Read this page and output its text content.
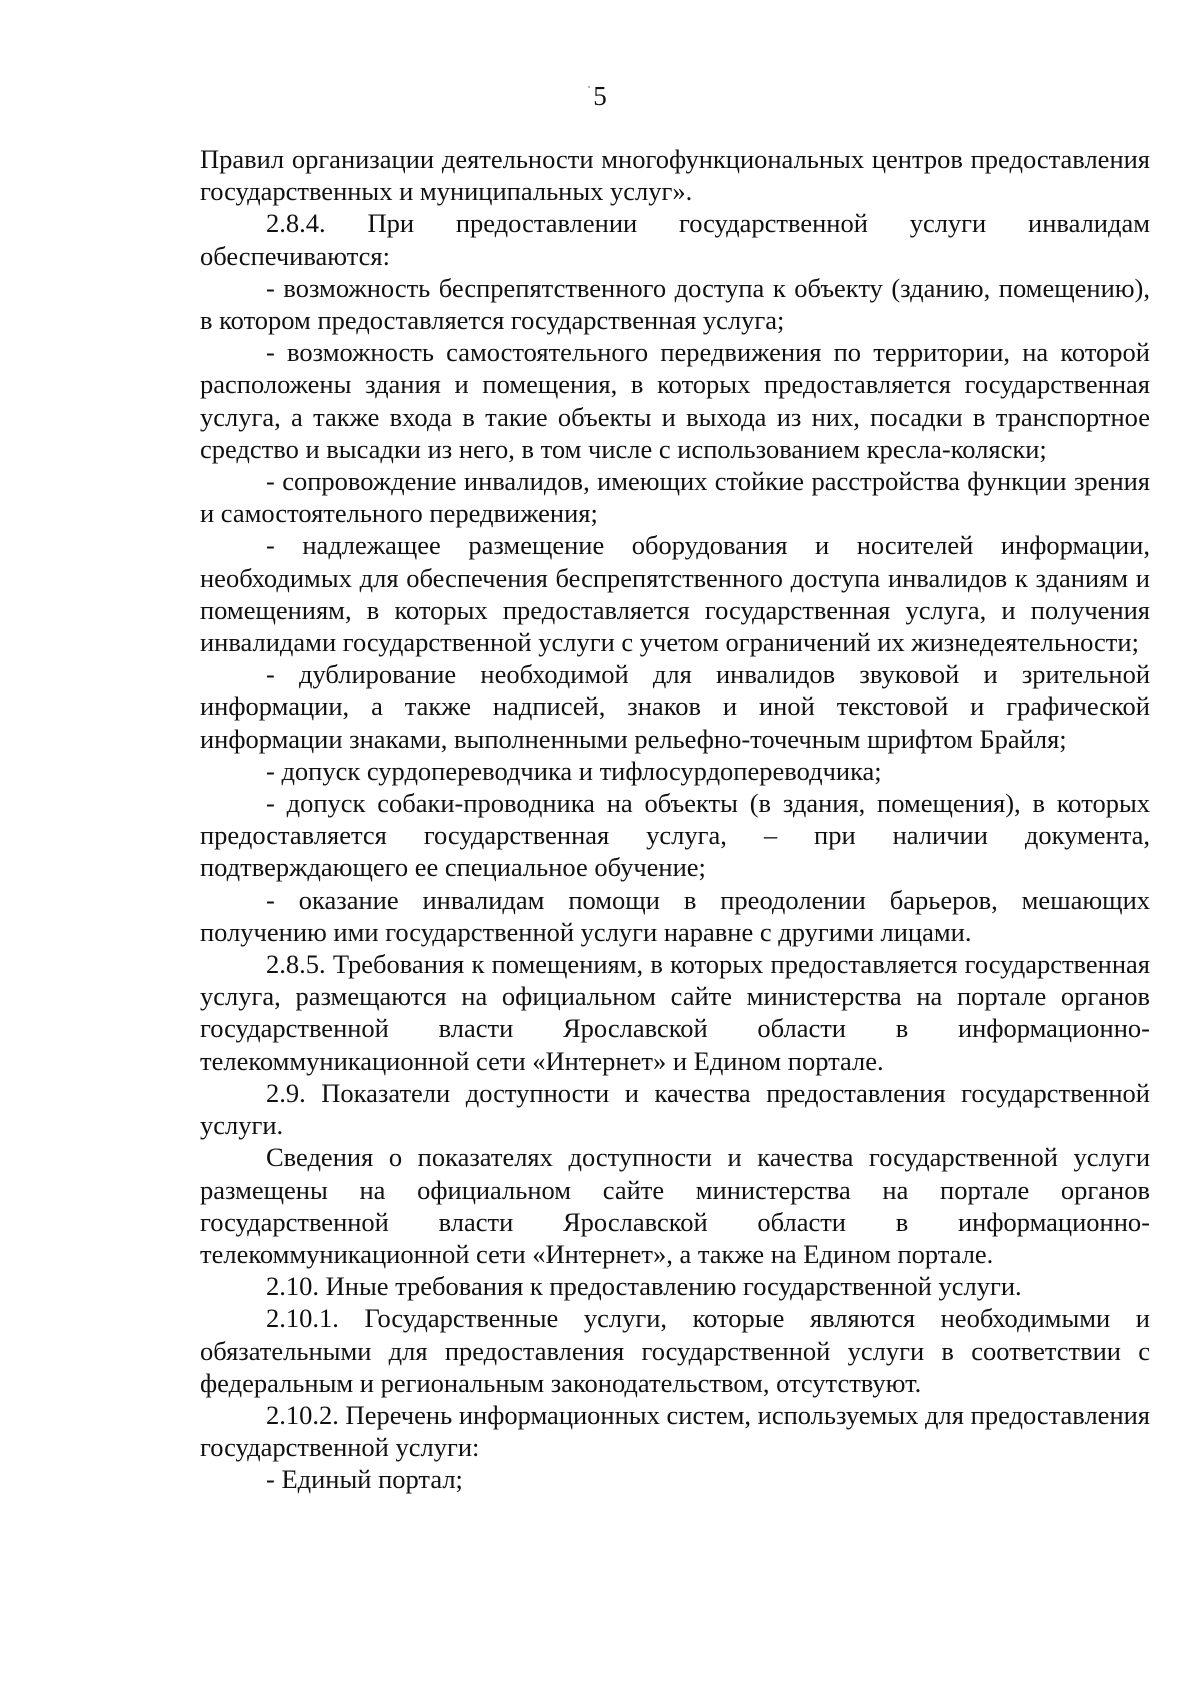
5

Правил организации деятельности многофункциональных центров предоставления государственных и муниципальных услуг».

2.8.4. При предоставлении государственной услуги инвалидам обеспечиваются:

- возможность беспрепятственного доступа к объекту (зданию, помещению), в котором предоставляется государственная услуга;

- возможность самостоятельного передвижения по территории, на которой расположены здания и помещения, в которых предоставляется государственная услуга, а также входа в такие объекты и выхода из них, посадки в транспортное средство и высадки из него, в том числе с использованием кресла-коляски;

- сопровождение инвалидов, имеющих стойкие расстройства функции зрения и самостоятельного передвижения;

- надлежащее размещение оборудования и носителей информации, необходимых для обеспечения беспрепятственного доступа инвалидов к зданиям и помещениям, в которых предоставляется государственная услуга, и получения инвалидами государственной услуги с учетом ограничений их жизнедеятельности;

- дублирование необходимой для инвалидов звуковой и зрительной информации, а также надписей, знаков и иной текстовой и графической информации знаками, выполненными рельефно-точечным шрифтом Брайля;

- допуск сурдопереводчика и тифлосурдопереводчика;

- допуск собаки-проводника на объекты (в здания, помещения), в которых предоставляется государственная услуга, – при наличии документа, подтверждающего ее специальное обучение;

- оказание инвалидам помощи в преодолении барьеров, мешающих получению ими государственной услуги наравне с другими лицами.

2.8.5. Требования к помещениям, в которых предоставляется государственная услуга, размещаются на официальном сайте министерства на портале органов государственной власти Ярославской области в информационно-телекоммуникационной сети «Интернет» и Едином портале.

2.9. Показатели доступности и качества предоставления государственной услуги.

Сведения о показателях доступности и качества государственной услуги размещены на официальном сайте министерства на портале органов государственной власти Ярославской области в информационно-телекоммуникационной сети «Интернет», а также на Едином портале.

2.10. Иные требования к предоставлению государственной услуги.

2.10.1. Государственные услуги, которые являются необходимыми и обязательными для предоставления государственной услуги в соответствии с федеральным и региональным законодательством, отсутствуют.

2.10.2. Перечень информационных систем, используемых для предоставления государственной услуги:

- Единый портал;
